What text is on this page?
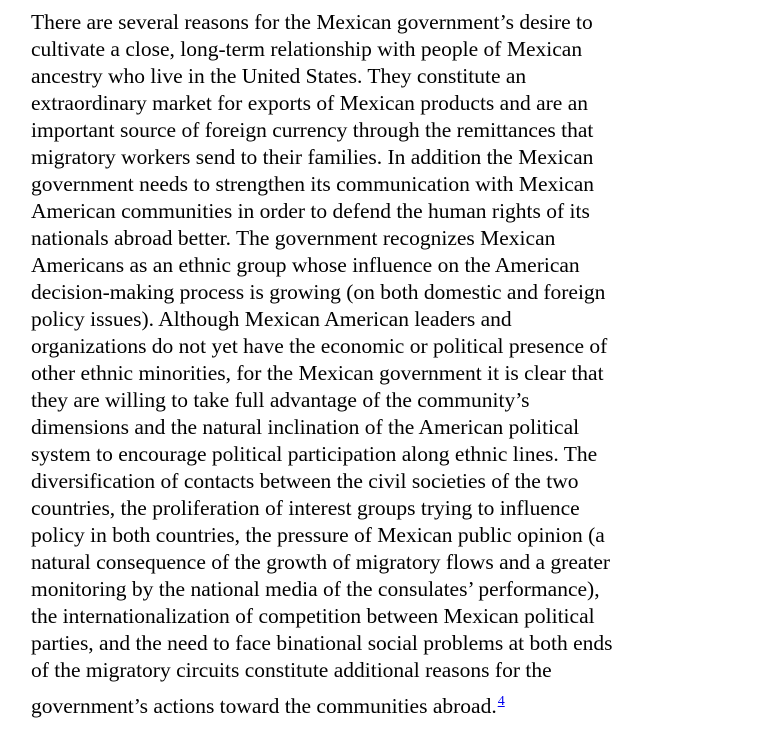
There are several reasons for the Mexican government’s desire to
cultivate a close, long-term relationship with people of Mexican
ancestry who live in the United States. They constitute an
extraordinary market for exports of Mexican products and are an
important source of foreign currency through the remittances that
migratory workers send to their families. In addition the Mexican
government needs to strengthen its communication with Mexican
American communities in order to defend the human rights of its
nationals abroad better. The government recognizes Mexican
Americans as an ethnic group whose influence on the American
decision-making process is growing (on both domestic and foreign
policy issues). Although Mexican American leaders and
organizations do not yet have the economic or political presence of
other ethnic minorities, for the Mexican government it is clear that
they are willing to take full advantage of the community’s
dimensions and the natural inclination of the American political
system to encourage political participation along ethnic lines. The
diversification of contacts between the civil societies of the two
countries, the proliferation of interest groups trying to influence
policy in both countries, the pressure of Mexican public opinion (a
natural consequence of the growth of migratory flows and a greater
monitoring by the national media of the consulates’ performance),
the internationalization of competition between Mexican political
parties, and the need to face binational social problems at both ends
of the migratory circuits constitute additional reasons for the
government’s actions toward the communities abroad.$^4$
